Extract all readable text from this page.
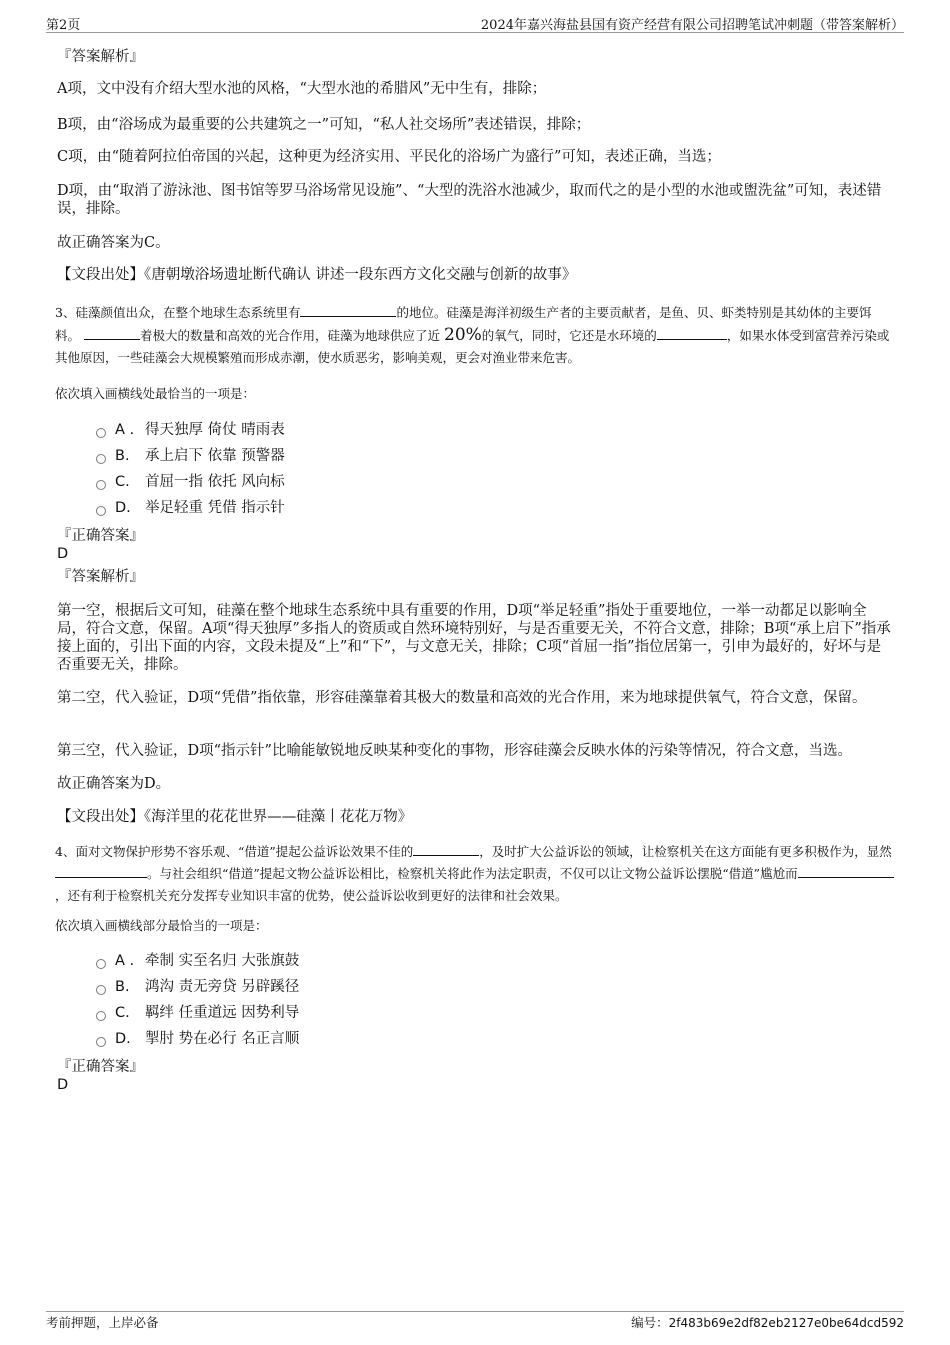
第2页	2024年嘉兴海盐县国有资产经营有限公司招聘笔试冲刺题（带答案解析）
『答案解析』
A项，文中没有介绍大型水池的风格，“大型水池的希腊风”无中生有，排除；
B项，由“浴场成为最重要的公共建筑之一”可知，“私人社交场所”表述错误，排除；
C项，由“随着阿拉伯帝国的兴起，这种更为经济实用、平民化的浴场广为盛行”可知，表述正确，当选；
D项，由“取消了游泳池、图书馆等罗马浴场常见设施”、“大型的洗浴水池减少，取而代之的是小型的水池或盥洗盆”可知，表述错误，排除。
故正确答案为C。
【文段出处】《唐朝墩浴场遗址断代确认 讲述一段东西方文化交融与创新的故事》
3、硅藻颜值出众，在整个地球生态系统里有	的地位。硅藻是海洋初级生产者的主要贡献者，是鱼、贝、虾类特别是其幼体的主要饵料。	着极大的数量和高效的光合作用，硅藻为地球供应了近 20%的氧气，同时，它还是水环境的	，如果水体受到富营养污染或其他原因，一些硅藻会大规模繁殖而形成赤潮，使水质恶劣，影响美观，更会对渔业带来危害。
依次填入画横线处最恰当的一项是：
A . 得天独厚 倚仗 晴雨表
B. 承上启下 依靠 预警器
C. 首屈一指 依托 风向标
D. 举足轻重 凭借 指示针
『正确答案』
D
『答案解析』
第一空，根据后文可知，硅藻在整个地球生态系统中具有重要的作用，D项“举足轻重”指处于重要地位，一举一动都足以影响全局，符合文意，保留。A项“得天独厚”多指人的资质或自然环境特别好，与是否重要无关，不符合文意，排除；B项“承上启下”指承接上面的，引出下面的内容，文段未提及“上”和“下”，与文意无关，排除；C项“首屈一指”指位居第一，引申为最好的，好坏与是否重要无关，排除。
第二空，代入验证，D项“凭借”指依靠，形容硅藻靠着其极大的数量和高效的光合作用，来为地球提供氧气，符合文意，保留。
第三空，代入验证，D项“指示针”比喻能敏锐地反映某种变化的事物，形容硅藻会反映水体的污染等情况，符合文意，当选。
故正确答案为D。
【文段出处】《海洋里的花花世界——硅藻丨花花万物》
4、面对文物保护形势不容乐观、“借道”提起公益诉讼效果不佳的	，及时扩大公益诉讼的领域，让检察机关在这方面能有更多积极作为，显然。与社会组织“借道”提起文物公益诉讼相比，检察机关将此作为法定职责，不仅可以让文物公益诉讼摆脱“借道”尴尬而，还有利于检察机关充分发挥专业知识丰富的优势，使公益诉讼收到更好的法律和社会效果。
依次填入画横线部分最恰当的一项是：
A . 牵制 实至名归 大张旗鼓
B. 鸿沟 责无旁贷 另辟蹊径
C. 羁绊 任重道远 因势利导
D. 掣肘 势在必行 名正言顺
『正确答案』
D
考前押题，上岸必备	编号：2f483b69e2df82eb2127e0be64dcd592
